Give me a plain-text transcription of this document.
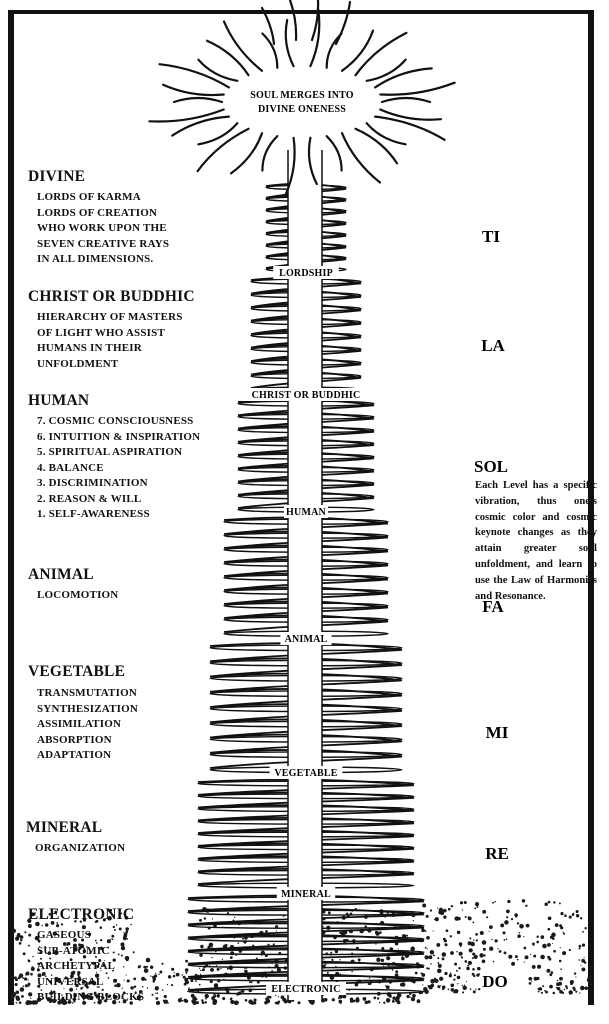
LORDSHIP
CHRIST OR BUDDHIC
HUMAN
ANIMAL
VEGETABLE
MINERAL
ELECTRONIC
SOUL MERGES INTO
DIVINE ONENESS
TI
LA
SOL
FA
MI
RE
DO
DIVINE
LORDS OF KARMA
LORDS OF CREATION
WHO WORK UPON THE
SEVEN CREATIVE RAYS
IN ALL DIMENSIONS.
CHRIST OR BUDDHIC
HIERARCHY OF MASTERS
OF LIGHT WHO ASSIST
HUMANS IN THEIR
UNFOLDMENT
HUMAN
7. COSMIC CONSCIOUSNESS
6. INTUITION & INSPIRATION
5. SPIRITUAL ASPIRATION
4. BALANCE
3. DISCRIMINATION
2. REASON & WILL
1. SELF-AWARENESS
ANIMAL
LOCOMOTION
VEGETABLE
TRANSMUTATION
SYNTHESIZATION
ASSIMILATION
ABSORPTION
ADAPTATION
MINERAL
ORGANIZATION
ELECTRONIC
GASEOUS
SUB-ATOMIC
ARCHETYPAL
UNIVERSAL
BUILDING BLOCKS
Each Level has a specific vibration, thus one's cosmic color and cosmic keynote changes as they attain greater soul unfoldment, and learn to use the Law of Harmonics and Resonance.
